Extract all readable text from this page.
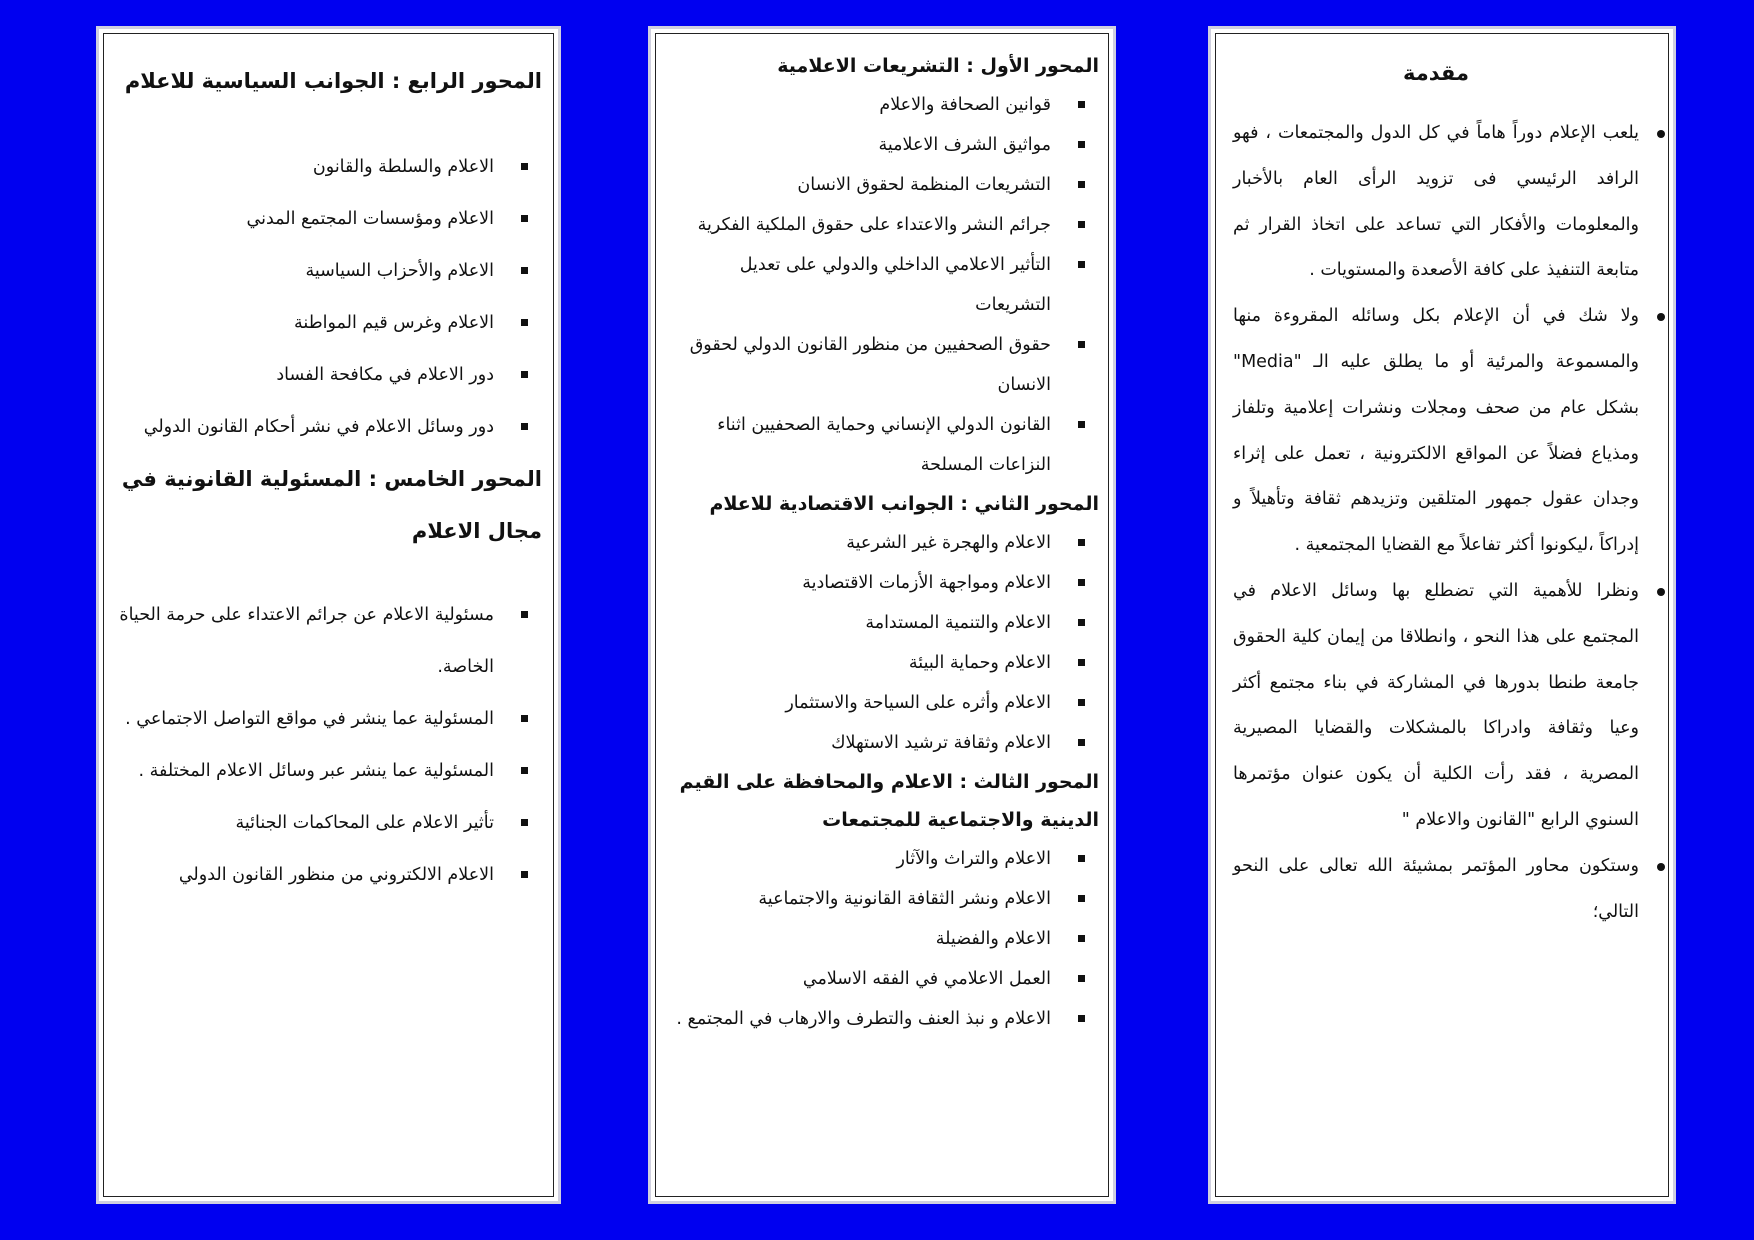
مقدمة
يلعب الإعلام دوراً هاماً في كل الدول والمجتمعات ، فهو الرافد الرئيسي فى تزويد الرأى العام بالأخبار والمعلومات والأفكار التي تساعد على اتخاذ القرار ثم متابعة التنفيذ على كافة الأصعدة والمستويات .
ولا شك في أن الإعلام بكل وسائله المقروءة منها والمسموعة والمرئية أو ما يطلق عليه الـ "Media" بشكل عام من صحف ومجلات ونشرات إعلامية وتلفاز ومذياع فضلاً عن المواقع الالكترونية ، تعمل على إثراء وجدان عقول جمهور المتلقين وتزيدهم ثقافة وتأهيلاً و إدراكاً ،ليكونوا أكثر تفاعلاً مع القضايا المجتمعية .
ونظرا للأهمية التي تضطلع بها وسائل الاعلام في المجتمع على هذا النحو ، وانطلاقا من إيمان كلية الحقوق جامعة طنطا بدورها في المشاركة في بناء مجتمع أكثر وعيا وثقافة وادراكا بالمشكلات والقضايا المصيرية المصرية ، فقد رأت الكلية أن يكون عنوان مؤتمرها السنوي الرابع "القانون والاعلام "
وستكون محاور المؤتمر بمشيئة الله تعالى على النحو التالي؛
المحور الأول : التشريعات الاعلامية
قوانين الصحافة والاعلام
مواثيق الشرف الاعلامية
التشريعات المنظمة لحقوق الانسان
جرائم النشر والاعتداء على حقوق الملكية الفكرية
التأثير الاعلامي الداخلي والدولي على تعديل التشريعات
حقوق الصحفيين من منظور القانون الدولي لحقوق الانسان
القانون الدولي الإنساني وحماية الصحفيين اثناء النزاعات المسلحة
المحور الثاني : الجوانب الاقتصادية للاعلام
الاعلام والهجرة غير الشرعية
الاعلام ومواجهة الأزمات الاقتصادية
الاعلام والتنمية المستدامة
الاعلام وحماية البيئة
الاعلام وأثره على السياحة والاستثمار
الاعلام وثقافة ترشيد الاستهلاك
المحور الثالث : الاعلام والمحافظة على القيم الدينية والاجتماعية للمجتمعات
الاعلام والتراث والآثار
الاعلام ونشر الثقافة القانونية والاجتماعية
الاعلام والفضيلة
العمل الاعلامي في الفقه الاسلامي
الاعلام و نبذ العنف والتطرف والارهاب في المجتمع .
المحور الرابع : الجوانب السياسية للاعلام
الاعلام والسلطة والقانون
الاعلام ومؤسسات المجتمع المدني
الاعلام والأحزاب السياسية
الاعلام وغرس قيم المواطنة
دور الاعلام في مكافحة الفساد
دور وسائل الاعلام في نشر أحكام القانون الدولي
المحور الخامس : المسئولية القانونية في مجال الاعلام
مسئولية الاعلام عن جرائم الاعتداء على حرمة الحياة الخاصة.
المسئولية عما ينشر في مواقع التواصل الاجتماعي .
المسئولية عما ينشر عبر وسائل الاعلام المختلفة .
تأثير الاعلام على المحاكمات الجنائية
الاعلام الالكتروني من منظور القانون الدولي
